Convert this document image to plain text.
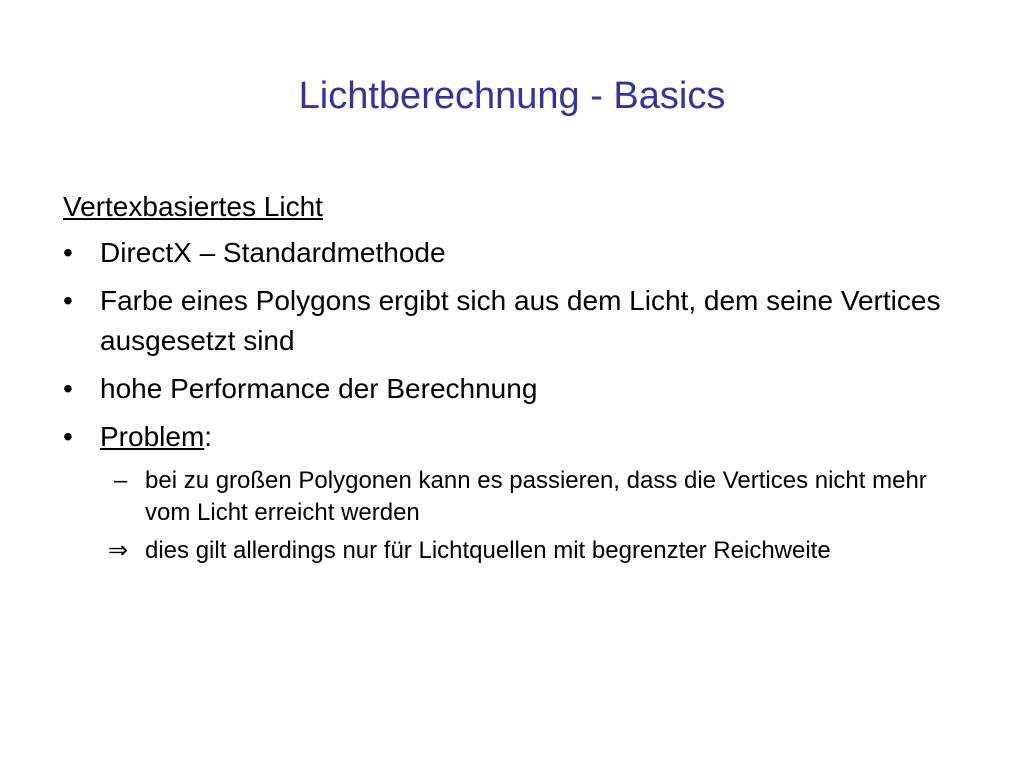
Lichtberechnung - Basics
Vertexbasiertes Licht
• DirectX – Standardmethode
• Farbe eines Polygons ergibt sich aus dem Licht, dem seine Vertices ausgesetzt sind
• hohe Performance der Berechnung
• Problem:
– bei zu großen Polygonen kann es passieren, dass die Vertices nicht mehr vom Licht erreicht werden
⇒ dies gilt allerdings nur für Lichtquellen mit begrenzter Reichweite
